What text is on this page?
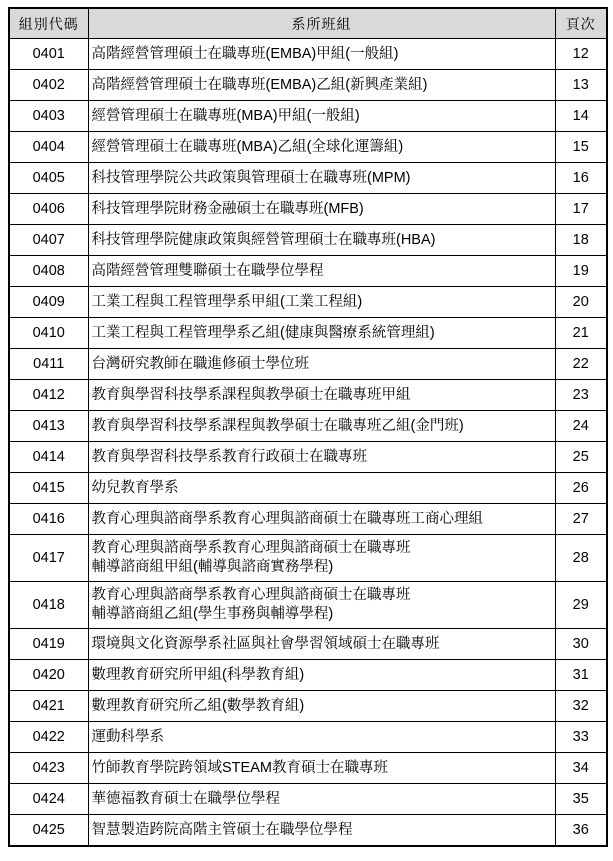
組別代碼	系所班組	頁次
0401	高階經營管理碩士在職專班(EMBA)甲組(一般組)	12
0402	高階經營管理碩士在職專班(EMBA)乙組(新興產業組)	13
0403	經營管理碩士在職專班(MBA)甲組(一般組)	14
0404	經營管理碩士在職專班(MBA)乙組(全球化運籌組)	15
0405	科技管理學院公共政策與管理碩士在職專班(MPM)	16
0406	科技管理學院財務金融碩士在職專班(MFB)	17
0407	科技管理學院健康政策與經營管理碩士在職專班(HBA)	18
0408	高階經營管理雙聯碩士在職學位學程	19
0409	工業工程與工程管理學系甲組(工業工程組)	20
0410	工業工程與工程管理學系乙組(健康與醫療系統管理組)	21
0411	台灣研究教師在職進修碩士學位班	22
0412	教育與學習科技學系課程與教學碩士在職專班甲組	23
0413	教育與學習科技學系課程與教學碩士在職專班乙組(金門班)	24
0414	教育與學習科技學系教育行政碩士在職專班	25
0415	幼兒教育學系	26
0416	教育心理與諮商學系教育心理與諮商碩士在職專班工商心理組	27
0417	教育心理與諮商學系教育心理與諮商碩士在職專班
輔導諮商組甲組(輔導與諮商實務學程)	28
0418	教育心理與諮商學系教育心理與諮商碩士在職專班
輔導諮商組乙組(學生事務與輔導學程)	29
0419	環境與文化資源學系社區與社會學習領域碩士在職專班	30
0420	數理教育研究所甲組(科學教育組)	31
0421	數理教育研究所乙組(數學教育組)	32
0422	運動科學系	33
0423	竹師教育學院跨領域STEAM教育碩士在職專班	34
0424	華德福教育碩士在職學位學程	35
0425	智慧製造跨院高階主管碩士在職學位學程	36
